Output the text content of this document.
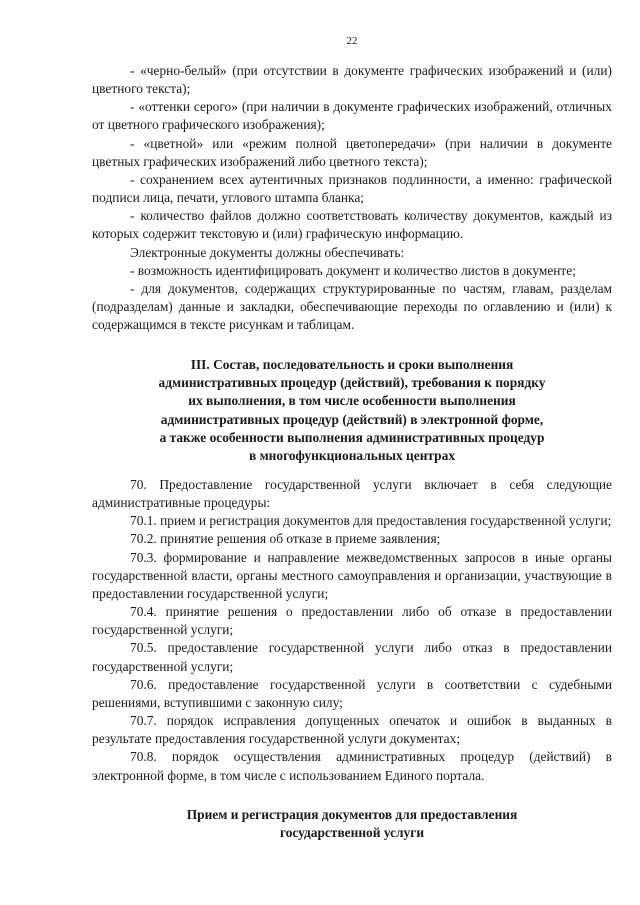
22

- «черно-белый» (при отсутствии в документе графических изображений и (или) цветного текста);

- «оттенки серого» (при наличии в документе графических изображений, отличных от цветного графического изображения);

- «цветной» или «режим полной цветопередачи» (при наличии в документе цветных графических изображений либо цветного текста);

- сохранением всех аутентичных признаков подлинности, а именно: графической подписи лица, печати, углового штампа бланка;

- количество файлов должно соответствовать количеству документов, каждый из которых содержит текстовую и (или) графическую информацию.

Электронные документы должны обеспечивать:

- возможность идентифицировать документ и количество листов в документе;

- для документов, содержащих структурированные по частям, главам, разделам (подразделам) данные и закладки, обеспечивающие переходы по оглавлению и (или) к содержащимся в тексте рисункам и таблицам.

III. Состав, последовательность и сроки выполнения

административных процедур (действий), требования к порядку

их выполнения, в том числе особенности выполнения

административных процедур (действий) в электронной форме,

а также особенности выполнения административных процедур

в многофункциональных центрах

70. Предоставление государственной услуги включает в себя следующие административные процедуры:

70.1. прием и регистрация документов для предоставления государственной услуги;

70.2. принятие решения об отказе в приеме заявления;

70.3. формирование и направление межведомственных запросов в иные органы государственной власти, органы местного самоуправления и организации, участвующие в предоставлении государственной услуги;

70.4. принятие решения о предоставлении либо об отказе в предоставлении государственной услуги;

70.5. предоставление государственной услуги либо отказ в предоставлении государственной услуги;

70.6. предоставление государственной услуги в соответствии с судебными решениями, вступившими с законную силу;

70.7. порядок исправления допущенных опечаток и ошибок в выданных в результате предоставления государственной услуги документах;

70.8. порядок осуществления административных процедур (действий) в электронной форме, в том числе с использованием Единого портала.

Прием и регистрация документов для предоставления

государственной услуги
